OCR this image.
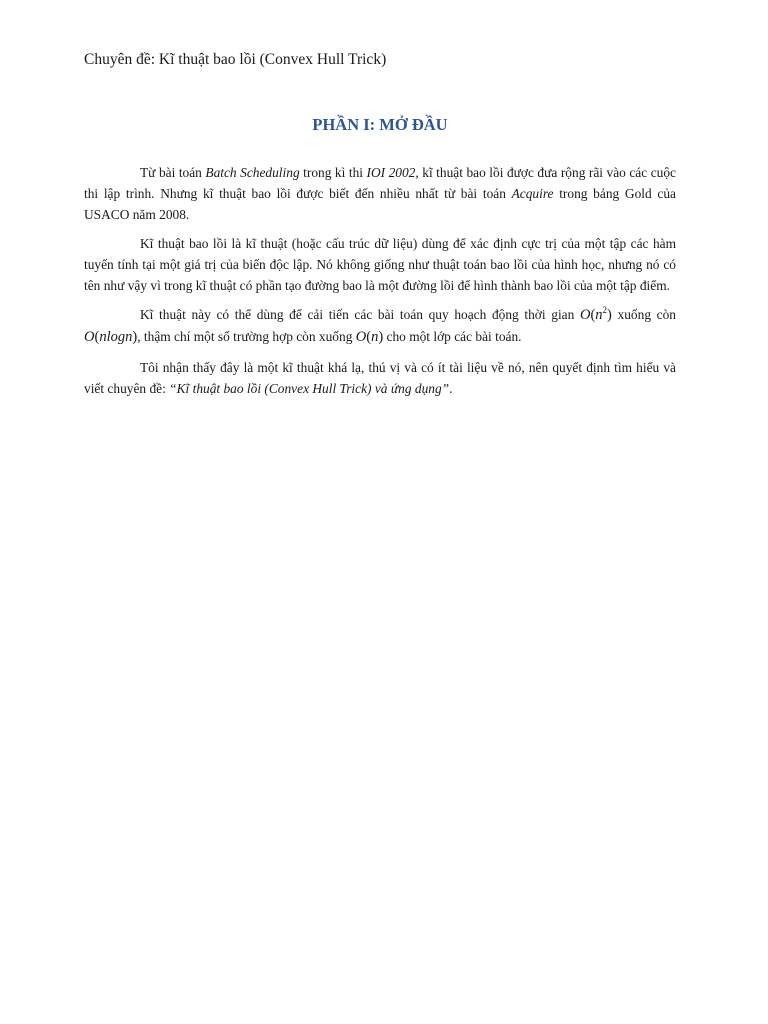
Chuyên đề: Kĩ thuật bao lồi (Convex Hull Trick)
PHẦN I: MỞ ĐẦU

Từ bài toán Batch Scheduling trong kì thi IOI 2002, kĩ thuật bao lồi được đưa rộng rãi vào các cuộc thi lập trình. Nhưng kĩ thuật bao lồi được biết đến nhiều nhất từ bài toán Acquire trong bảng Gold của USACO năm 2008.

Kĩ thuật bao lồi là kĩ thuật (hoặc cấu trúc dữ liệu) dùng để xác định cực trị của một tập các hàm tuyến tính tại một giá trị của biến độc lập. Nó không giống như thuật toán bao lồi của hình học, nhưng nó có tên như vậy vì trong kĩ thuật có phần tạo đường bao là một đường lồi để hình thành bao lồi của một tập điểm.

Kĩ thuật này có thể dùng để cải tiến các bài toán quy hoạch động thời gian $O(n^2)$ xuống còn O(nlogn), thậm chí một số trường hợp còn xuống O(n) cho một lớp các bài toán.

Tôi nhận thấy đây là một kĩ thuật khá lạ, thú vị và có ít tài liệu về nó, nên quyết định tìm hiểu và viết chuyên đề: “Kĩ thuật bao lồi (Convex Hull Trick) và ứng dụng”.
